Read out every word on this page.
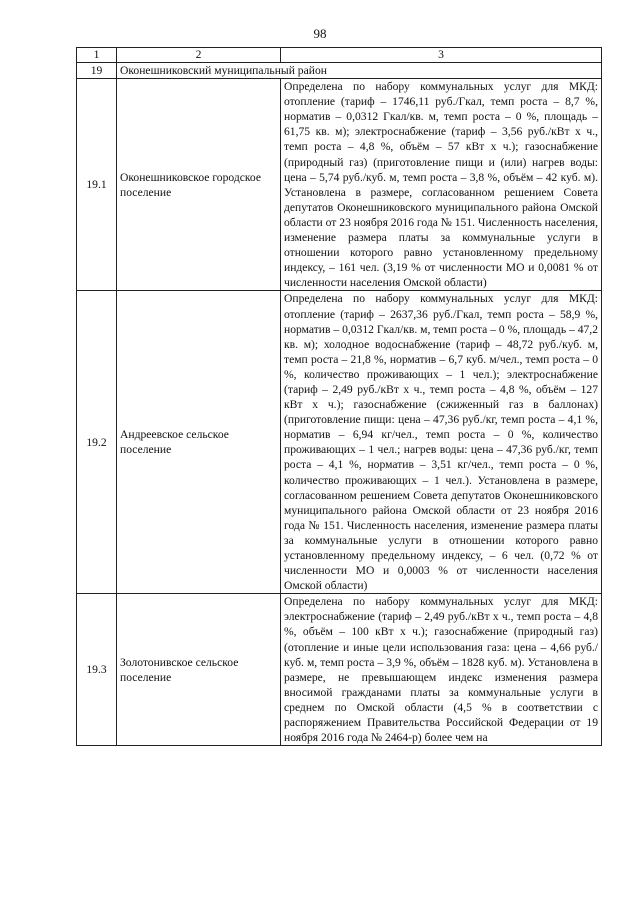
98
1	2	3
19	Оконешниковский муниципальный район	
19.1	Оконешниковское городское поселение	Определена по набору коммунальных услуг для МКД: отопление (тариф – 1746,11 руб./Гкал, темп роста – 8,7 %, норматив – 0,0312 Гкал/кв. м, темп роста – 0 %, площадь – 61,75 кв. м); электроснабжение (тариф – 3,56 руб./кВт х ч., темп роста – 4,8 %, объём – 57 кВт х ч.); газоснабжение (природный газ) (приготовление пищи и (или) нагрев воды: цена – 5,74 руб./куб. м, темп роста – 3,8 %, объём – 42 куб. м). Установлена в размере, согласованном решением Совета депутатов Оконешниковского муниципального района Омской области от 23 ноября 2016 года № 151. Численность населения, изменение размера платы за коммунальные услуги в отношении которого равно установленному предельному индексу, – 161 чел. (3,19 % от численности МО и 0,0081 % от численности населения Омской области)
19.2	Андреевское сельское поселение	Определена по набору коммунальных услуг для МКД: отопление (тариф – 2637,36 руб./Гкал, темп роста – 58,9 %, норматив – 0,0312 Гкал/кв. м, темп роста – 0 %, площадь – 47,2 кв. м); холодное водоснабжение (тариф – 48,72 руб./куб. м, темп роста – 21,8 %, норматив – 6,7 куб. м/чел., темп роста – 0 %, количество проживающих – 1 чел.); электроснабжение (тариф – 2,49 руб./кВт х ч., темп роста – 4,8 %, объём – 127 кВт х ч.); газоснабжение (сжиженный газ в баллонах) (приготовление пищи: цена – 47,36 руб./кг, темп роста – 4,1 %, норматив – 6,94 кг/чел., темп роста – 0 %, количество проживающих – 1 чел.; нагрев воды: цена – 47,36 руб./кг, темп роста – 4,1 %, норматив – 3,51 кг/чел., темп роста – 0 %, количество проживающих – 1 чел.). Установлена в размере, согласованном решением Совета депутатов Оконешниковского муниципального района Омской области от 23 ноября 2016 года № 151. Численность населения, изменение размера платы за коммунальные услуги в отношении которого равно установленному предельному индексу, – 6 чел. (0,72 % от численности МО и 0,0003 % от численности населения Омской области)
19.3	Золотонивское сельское поселение	Определена по набору коммунальных услуг для МКД: электроснабжение (тариф – 2,49 руб./кВт х ч., темп роста – 4,8 %, объём – 100 кВт х ч.); газоснабжение (природный газ) (отопление и иные цели использования газа: цена – 4,66 руб./куб. м, темп роста – 3,9 %, объём – 1828 куб. м). Установлена в размере, не превышающем индекс изменения размера вносимой гражданами платы за коммунальные услуги в среднем по Омской области (4,5 % в соответствии с распоряжением Правительства Российской Федерации от 19 ноября 2016 года № 2464-р) более чем на
